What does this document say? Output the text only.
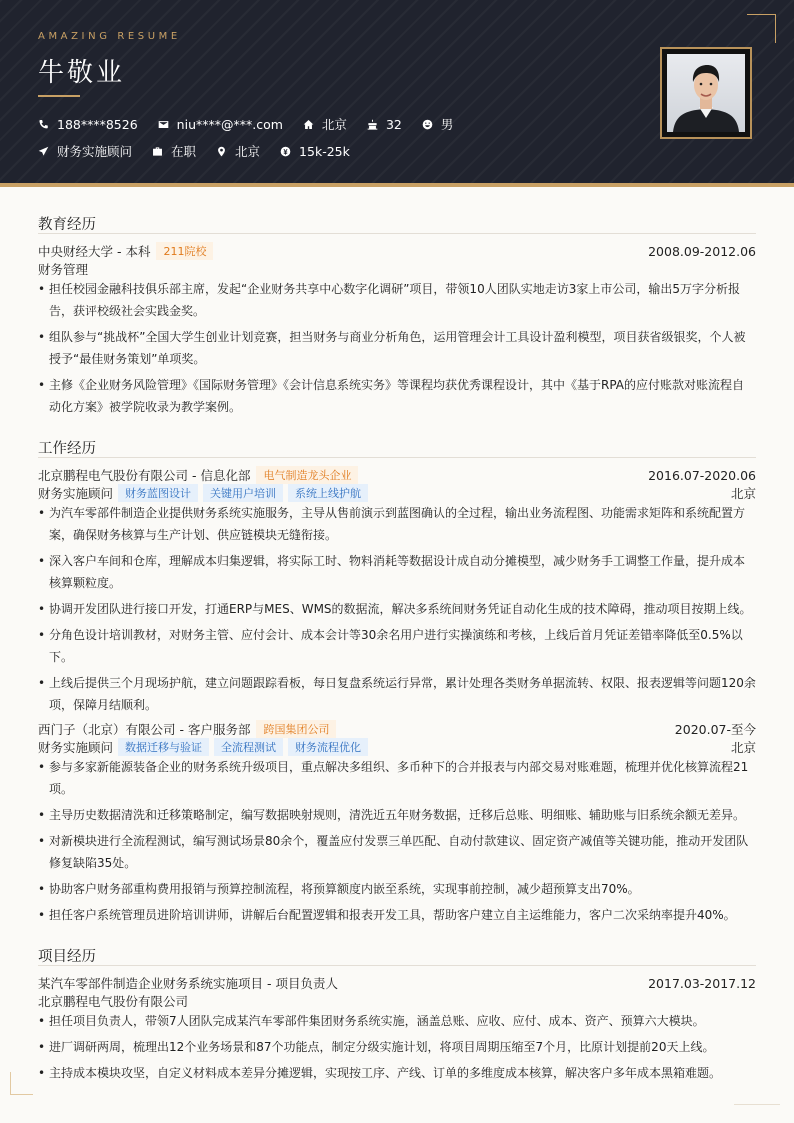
AMAZING RESUME
牛敬业
188****8526	niu****@***.com	北京	32	男
财务实施顾问	在职	北京	15k-25k
教育经历
中央财经大学 - 本科	211院校	2008.09-2012.06
财务管理
• 担任校园金融科技俱乐部主席，发起“企业财务共享中心数字化调研”项目，带领10人团队实地走访3家上市公司，输出5万字分析报告，获评校级社会实践金奖。
• 组队参与“挑战杯”全国大学生创业计划竞赛，担当财务与商业分析角色，运用管理会计工具设计盈利模型，项目获省级银奖，个人被授予“最佳财务策划”单项奖。
• 主修《企业财务风险管理》《国际财务管理》《会计信息系统实务》等课程均获优秀课程设计，其中《基于RPA的应付账款对账流程自动化方案》被学院收录为教学案例。
工作经历
北京鹏程电气股份有限公司 - 信息化部	电气制造龙头企业	2016.07-2020.06
财务实施顾问	财务蓝图设计	关键用户培训	系统上线护航	北京
• 为汽车零部件制造企业提供财务系统实施服务，主导从售前演示到蓝图确认的全过程，输出业务流程图、功能需求矩阵和系统配置方案，确保财务核算与生产计划、供应链模块无缝衔接。
• 深入客户车间和仓库，理解成本归集逻辑，将实际工时、物料消耗等数据设计成自动分摊模型，减少财务手工调整工作量，提升成本核算颗粒度。
• 协调开发团队进行接口开发，打通ERP与MES、WMS的数据流，解决多系统间财务凭证自动化生成的技术障碍，推动项目按期上线。
• 分角色设计培训教材，对财务主管、应付会计、成本会计等30余名用户进行实操演练和考核，上线后首月凭证差错率降低至0.5%以下。
• 上线后提供三个月现场护航，建立问题跟踪看板，每日复盘系统运行异常，累计处理各类财务单据流转、权限、报表逻辑等问题120余项，保障月结顺利。
西门子（北京）有限公司 - 客户服务部	跨国集团公司	2020.07-至今
财务实施顾问	数据迁移与验证	全流程测试	财务流程优化	北京
• 参与多家新能源装备企业的财务系统升级项目，重点解决多组织、多币种下的合并报表与内部交易对账难题，梳理并优化核算流程21项。
• 主导历史数据清洗和迁移策略制定，编写数据映射规则，清洗近五年财务数据，迁移后总账、明细账、辅助账与旧系统余额无差异。
• 对新模块进行全流程测试，编写测试场景80余个，覆盖应付发票三单匹配、自动付款建议、固定资产减值等关键功能，推动开发团队修复缺陷35处。
• 协助客户财务部重构费用报销与预算控制流程，将预算额度内嵌至系统，实现事前控制，减少超预算支出70%。
• 担任客户系统管理员进阶培训讲师，讲解后台配置逻辑和报表开发工具，帮助客户建立自主运维能力，客户二次采纳率提升40%。
项目经历
某汽车零部件制造企业财务系统实施项目 - 项目负责人	2017.03-2017.12
北京鹏程电气股份有限公司
• 担任项目负责人，带领7人团队完成某汽车零部件集团财务系统实施，涵盖总账、应收、应付、成本、资产、预算六大模块。
• 进厂调研两周，梳理出12个业务场景和87个功能点，制定分级实施计划，将项目周期压缩至7个月，比原计划提前20天上线。
• 主持成本模块攻坚，自定义材料成本差异分摊逻辑，实现按工序、产线、订单的多维度成本核算，解决客户多年成本黑箱难题。
